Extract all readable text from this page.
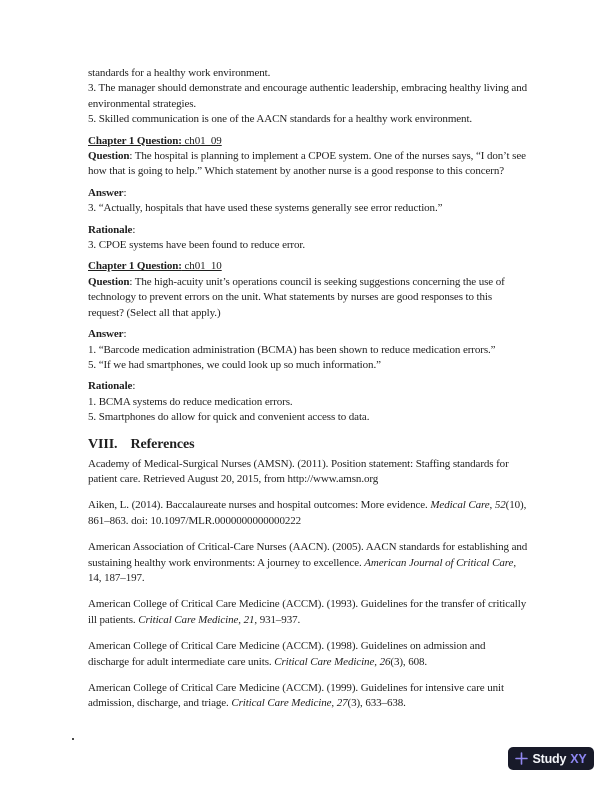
standards for a healthy work environment.

3. The manager should demonstrate and encourage authentic leadership, embracing healthy living and
environmental strategies.

5. Skilled communication is one of the AACN standards for a healthy work environment.

Chapter 1 Question: ch01_09

Question: The hospital is planning to implement a CPOE system. One of the nurses says, “I don’t see
how that is going to help.” Which statement by another nurse is a good response to this concern?

Answer:

3. “Actually, hospitals that have used these systems generally see error reduction.”

Rationale:

3. CPOE systems have been found to reduce error.

Chapter 1 Question: ch01_10

Question: The high-acuity unit’s operations council is seeking suggestions concerning the use of
technology to prevent errors on the unit. What statements by nurses are good responses to this
request? (Select all that apply.)

Answer:

1. “Barcode medication administration (BCMA) has been shown to reduce medication errors.”

5. “If we had smartphones, we could look up so much information.”

Rationale:

1. BCMA systems do reduce medication errors.

5. Smartphones do allow for quick and convenient access to data.

VIII. References

Academy of Medical-Surgical Nurses (AMSN). (2011). Position statement: Staffing standards for
patient care. Retrieved August 20, 2015, from http://www.amsn.org

Aiken, L. (2014). Baccalaureate nurses and hospital outcomes: More evidence. Medical Care, 52(10),
861–863. doi: 10.1097/MLR.0000000000000222

American Association of Critical-Care Nurses (AACN). (2005). AACN standards for establishing and
sustaining healthy work environments: A journey to excellence. American Journal of Critical Care,
14, 187–197.

American College of Critical Care Medicine (ACCM). (1993). Guidelines for the transfer of critically
ill patients. Critical Care Medicine, 21, 931–937.

American College of Critical Care Medicine (ACCM). (1998). Guidelines on admission and
discharge for adult intermediate care units. Critical Care Medicine, 26(3), 608.

American College of Critical Care Medicine (ACCM). (1999). Guidelines for intensive care unit
admission, discharge, and triage. Critical Care Medicine, 27(3), 633–638.

Study XY
